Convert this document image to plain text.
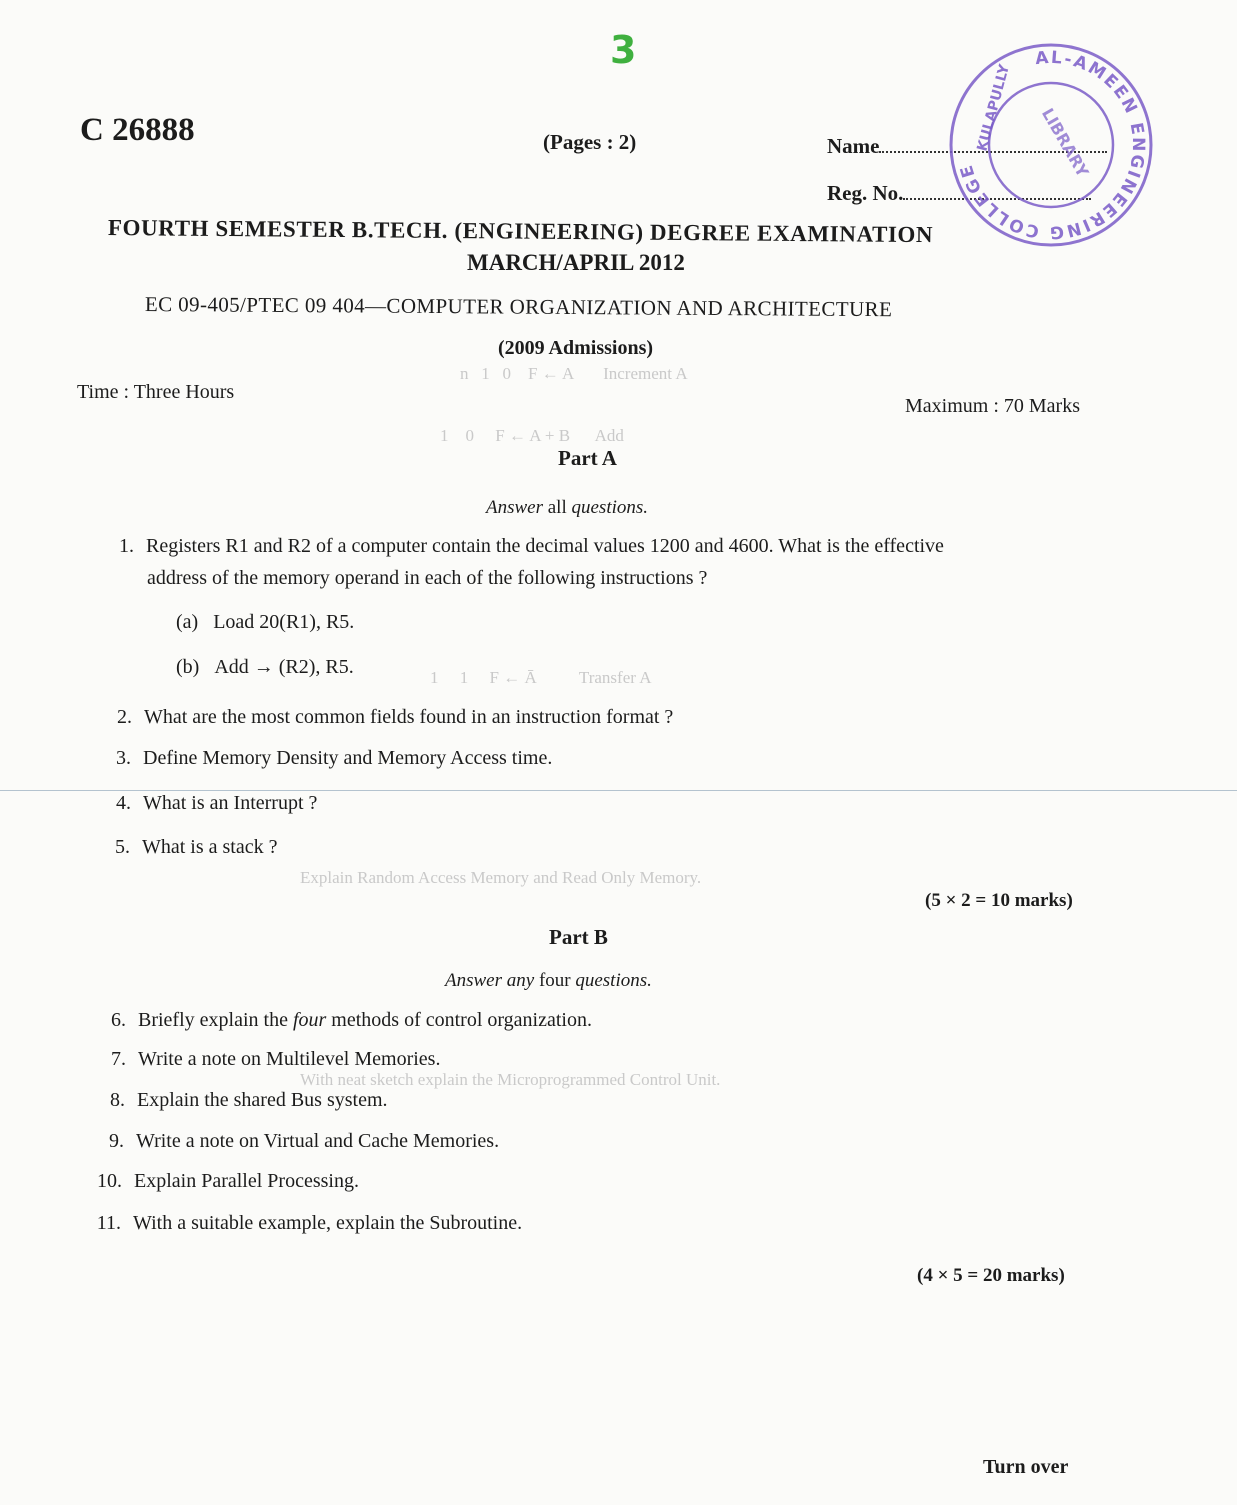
n   1   0    F ← A       Increment A
1    0     F ← A + B      Add
1     1     F ← Ā          Transfer A
Explain Random Access Memory and Read Only Memory.
With neat sketch explain the Microprogrammed Control Unit.
3
C 26888	(Pages : 2)	Name
Reg. No.
AL-AMEEN ENGINEERING COLLEGE
KULAPULLY LIBRARY
FOURTH SEMESTER B.TECH. (ENGINEERING) DEGREE EXAMINATION
MARCH/APRIL 2012
EC 09-405/PTEC 09 404—COMPUTER ORGANIZATION AND ARCHITECTURE
(2009 Admissions)
Time : Three Hours
Maximum : 70 Marks
Part A
Answer all questions.
1. Registers R1 and R2 of a computer contain the decimal values 1200 and 4600. What is the effective
address of the memory operand in each of the following instructions ?
(a) Load 20(R1), R5.
(b) Add → (R2), R5.
2. What are the most common fields found in an instruction format ?
3. Define Memory Density and Memory Access time.
4. What is an Interrupt ?
5. What is a stack ?
(5 × 2 = 10 marks)
Part B
Answer any four questions.
6. Briefly explain the four methods of control organization.
7. Write a note on Multilevel Memories.
8. Explain the shared Bus system.
9. Write a note on Virtual and Cache Memories.
10. Explain Parallel Processing.
11. With a suitable example, explain the Subroutine.
(4 × 5 = 20 marks)
Turn over
